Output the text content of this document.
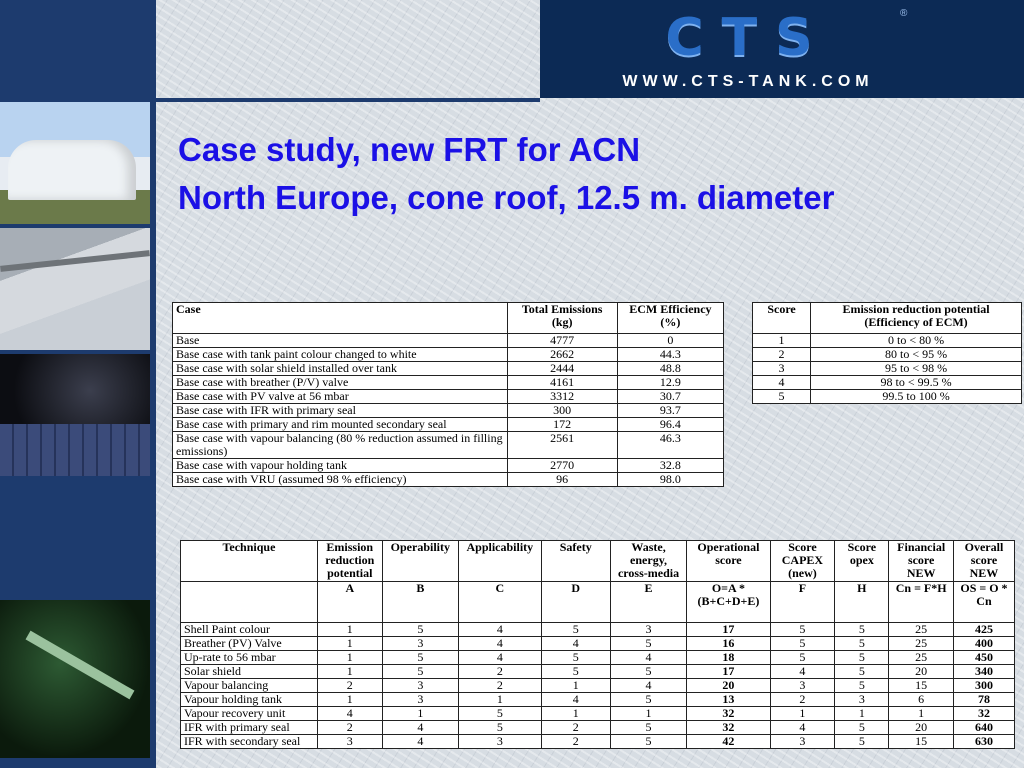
CTS	®
WWW.CTS-TANK.COM
Case study, new FRT for ACN
North Europe, cone roof, 12.5 m. diameter
Case	Total Emissions (kg)	ECM Efficiency (%)
Base	4777	0
Base case with tank paint colour changed to white	2662	44.3
Base case with solar shield installed over tank	2444	48.8
Base case with breather (P/V) valve	4161	12.9
Base case with PV valve at 56 mbar	3312	30.7
Base case with IFR with primary seal	300	93.7
Base case with primary and rim mounted secondary seal	172	96.4
Base case with vapour balancing (80 % reduction assumed in filling emissions)	2561	46.3
Base case with vapour holding tank	2770	32.8
Base case with VRU (assumed 98 % efficiency)	96	98.0
Score	Emission reduction potential (Efficiency of ECM)
1	0 to < 80 %
2	80 to < 95 %
3	95 to < 98 %
4	98 to < 99.5 %
5	99.5 to 100 %
Technique	Emission reduction potential	Operability	Applicability	Safety	Waste, energy, cross-media	Operational score	Score CAPEX (new)	Score opex	Financial score NEW	Overall score NEW
	A	B	C	D	E	O=A * (B+C+D+E)	F	H	Cn = F*H	OS = O * Cn
Shell Paint colour	1	5	4	5	3	17	5	5	25	425
Breather (PV) Valve	1	3	4	4	5	16	5	5	25	400
Up-rate to 56 mbar	1	5	4	5	4	18	5	5	25	450
Solar shield	1	5	2	5	5	17	4	5	20	340
Vapour balancing	2	3	2	1	4	20	3	5	15	300
Vapour holding tank	1	3	1	4	5	13	2	3	6	78
Vapour recovery unit	4	1	5	1	1	32	1	1	1	32
IFR with primary seal	2	4	5	2	5	32	4	5	20	640
IFR with secondary seal	3	4	3	2	5	42	3	5	15	630
